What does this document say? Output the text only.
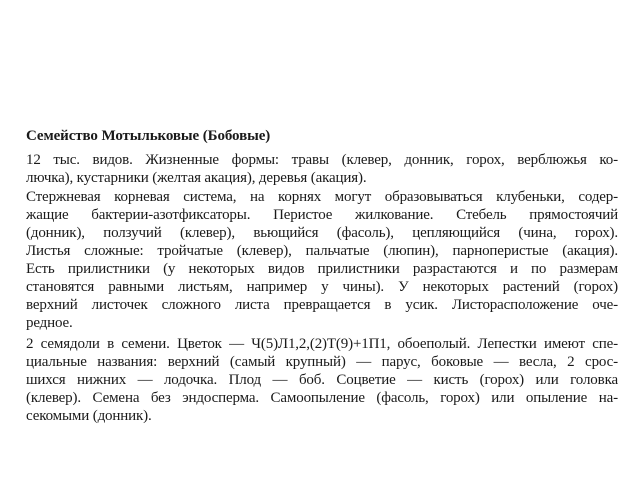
Семейство Мотыльковые (Бобовые)
12 тыс. видов. Жизненные формы: травы (клевер, донник, горох, верблюжья ко-
лючка), кустарники (желтая акация), деревья (акация).
Стержневая корневая система, на корнях могут образовываться клубеньки, содер-
жащие бактерии-азотфиксаторы. Перистое жилкование. Стебель прямостоячий
(донник), ползучий (клевер), вьющийся (фасоль), цепляющийся (чина, горох).
Листья сложные: тройчатые (клевер), пальчатые (люпин), парноперистые (акация).
Есть прилистники (у некоторых видов прилистники разрастаются и по размерам
становятся равными листьям, например у чины). У некоторых растений (горох)
верхний листочек сложного листа превращается в усик. Листорасположение оче-
редное.
2 семядоли в семени. Цветок — Ч(5)Л1,2,(2)Т(9)+1П1, обоеполый. Лепестки имеют спе-
циальные названия: верхний (самый крупный) — парус, боковые — весла, 2 срос-
шихся нижних — лодочка. Плод — боб. Соцветие — кисть (горох) или головка
(клевер). Семена без эндосперма. Самоопыление (фасоль, горох) или опыление на-
секомыми (донник).
